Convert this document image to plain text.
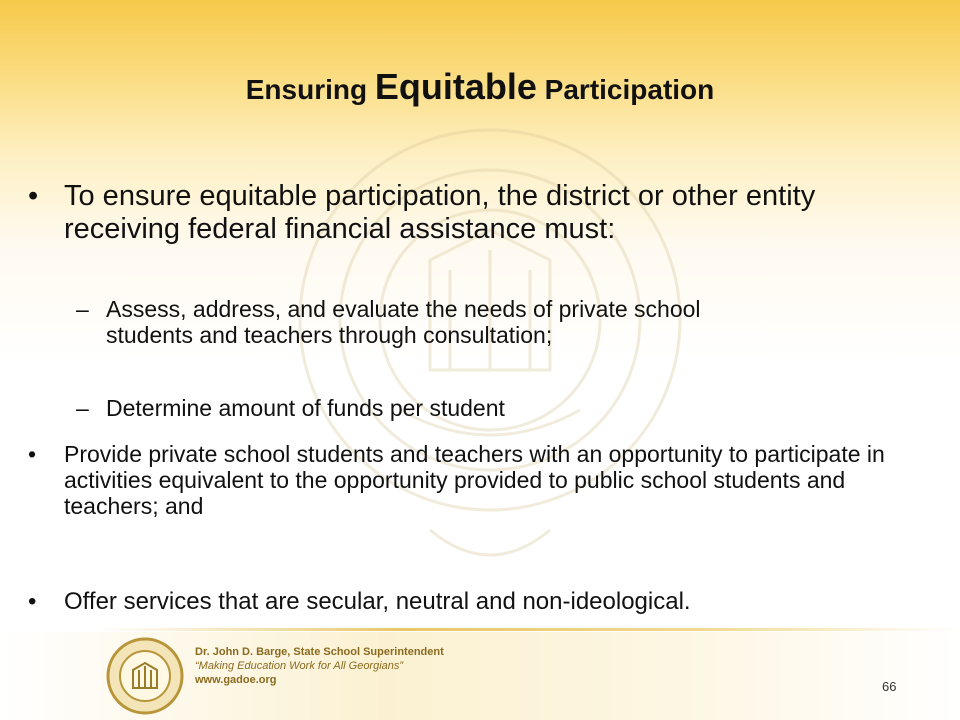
Ensuring Equitable Participation
• To ensure equitable participation, the district or other entity receiving federal financial assistance must:
– Assess, address, and evaluate the needs of private school students and teachers through consultation;
– Determine amount of funds per student
• Provide private school students and teachers with an opportunity to participate in activities equivalent to the opportunity provided to public school students and teachers; and
• Offer services that are secular, neutral and non-ideological.
Dr. John D. Barge, State School Superintendent
“Making Education Work for All Georgians”
www.gadoe.org	66
